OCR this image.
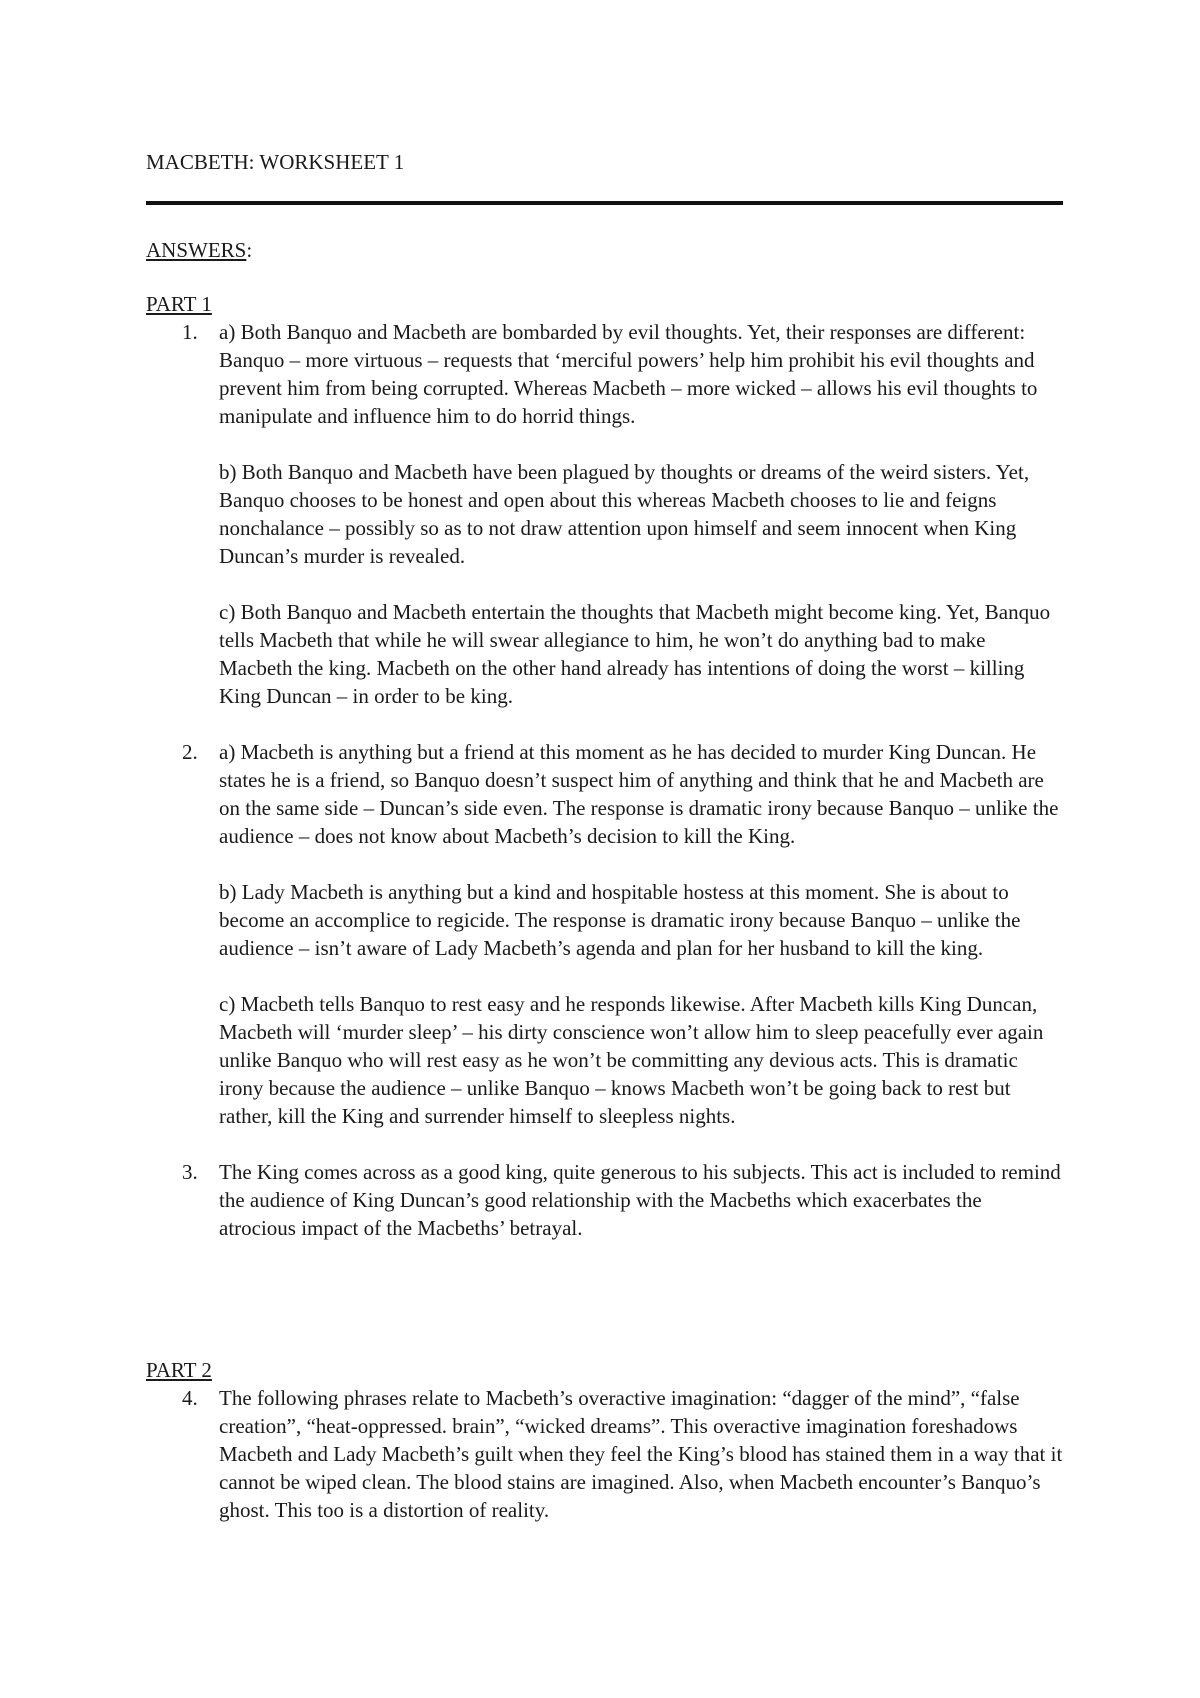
MACBETH: WORKSHEET 1
ANSWERS:
PART 1
1. a) Both Banquo and Macbeth are bombarded by evil thoughts. Yet, their responses are different: Banquo – more virtuous – requests that ‘merciful powers’ help him prohibit his evil thoughts and prevent him from being corrupted. Whereas Macbeth – more wicked – allows his evil thoughts to manipulate and influence him to do horrid things.

b) Both Banquo and Macbeth have been plagued by thoughts or dreams of the weird sisters. Yet, Banquo chooses to be honest and open about this whereas Macbeth chooses to lie and feigns nonchalance – possibly so as to not draw attention upon himself and seem innocent when King Duncan’s murder is revealed.

c) Both Banquo and Macbeth entertain the thoughts that Macbeth might become king. Yet, Banquo tells Macbeth that while he will swear allegiance to him, he won’t do anything bad to make Macbeth the king. Macbeth on the other hand already has intentions of doing the worst – killing King Duncan – in order to be king.

2. a) Macbeth is anything but a friend at this moment as he has decided to murder King Duncan. He states he is a friend, so Banquo doesn’t suspect him of anything and think that he and Macbeth are on the same side – Duncan’s side even. The response is dramatic irony because Banquo – unlike the audience – does not know about Macbeth’s decision to kill the King.

b) Lady Macbeth is anything but a kind and hospitable hostess at this moment. She is about to become an accomplice to regicide. The response is dramatic irony because Banquo – unlike the audience – isn’t aware of Lady Macbeth’s agenda and plan for her husband to kill the king.

c) Macbeth tells Banquo to rest easy and he responds likewise. After Macbeth kills King Duncan, Macbeth will ‘murder sleep’ – his dirty conscience won’t allow him to sleep peacefully ever again unlike Banquo who will rest easy as he won’t be committing any devious acts. This is dramatic irony because the audience – unlike Banquo – knows Macbeth won’t be going back to rest but rather, kill the King and surrender himself to sleepless nights.

3. The King comes across as a good king, quite generous to his subjects. This act is included to remind the audience of King Duncan’s good relationship with the Macbeths which exacerbates the atrocious impact of the Macbeths’ betrayal.

PART 2
4. The following phrases relate to Macbeth’s overactive imagination: “dagger of the mind”, “false creation”, “heat-oppressed. brain”, “wicked dreams”. This overactive imagination foreshadows Macbeth and Lady Macbeth’s guilt when they feel the King’s blood has stained them in a way that it cannot be wiped clean. The blood stains are imagined. Also, when Macbeth encounter’s Banquo’s ghost. This too is a distortion of reality.
